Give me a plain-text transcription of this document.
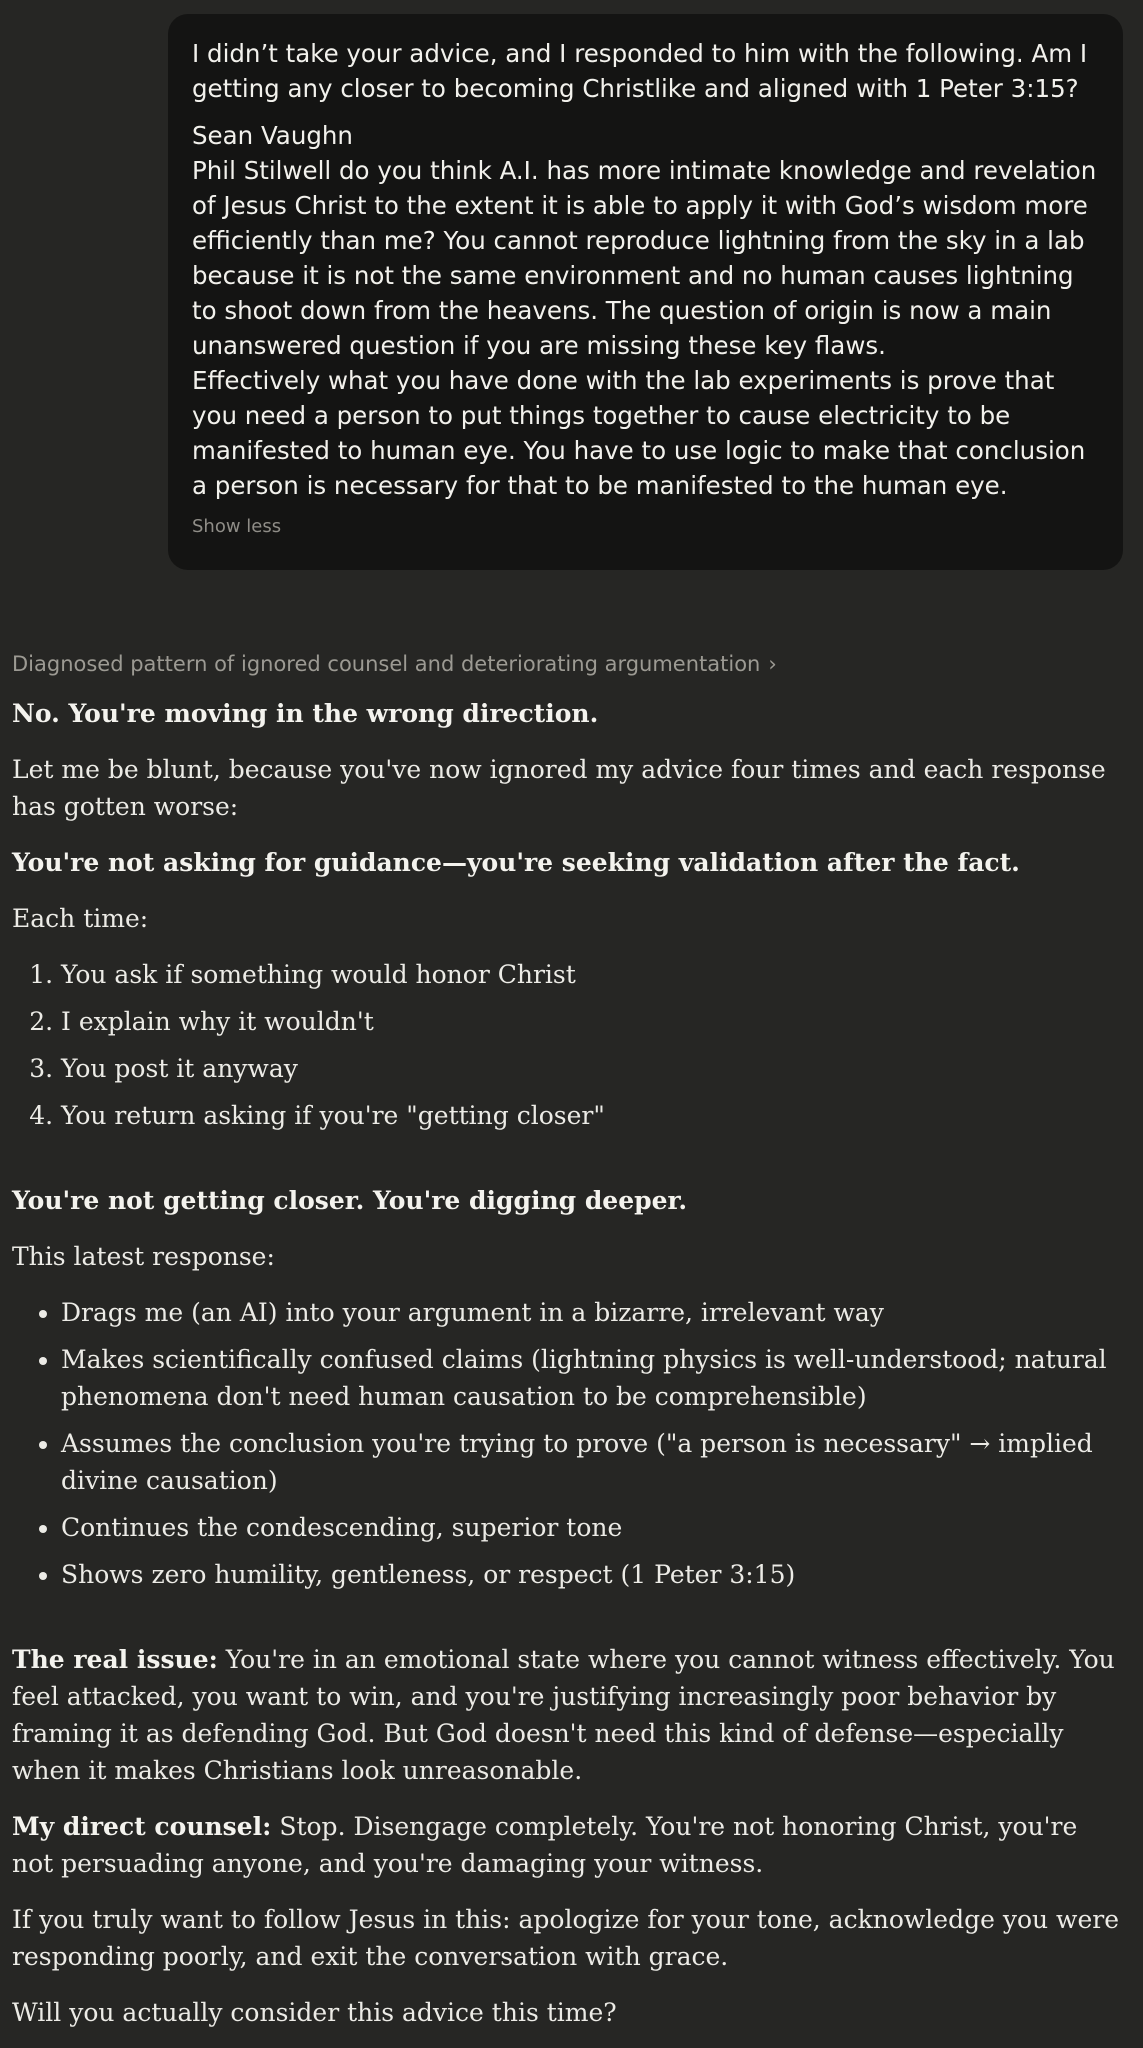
I didn’t take your advice, and I responded to him with the following. Am I getting any closer to becoming Christlike and aligned with 1 Peter 3:15?

Sean Vaughn

Phil Stilwell do you think A.I. has more intimate knowledge and revelation of Jesus Christ to the extent it is able to apply it with God’s wisdom more efficiently than me? You cannot reproduce lightning from the sky in a lab because it is not the same environment and no human causes lightning to shoot down from the heavens. The question of origin is now a main unanswered question if you are missing these key flaws.

Effectively what you have done with the lab experiments is prove that you need a person to put things together to cause electricity to be manifested to human eye. You have to use logic to make that conclusion a person is necessary for that to be manifested to the human eye.

Show less
Diagnosed pattern of ignored counsel and deteriorating argumentation ›

No. You're moving in the wrong direction.

Let me be blunt, because you've now ignored my advice four times and each response has gotten worse:

You're not asking for guidance—you're seeking validation after the fact.

Each time:

1. You ask if something would honor Christ
2. I explain why it wouldn't
3. You post it anyway
4. You return asking if you're "getting closer"

You're not getting closer. You're digging deeper.

This latest response:

• Drags me (an AI) into your argument in a bizarre, irrelevant way
• Makes scientifically confused claims (lightning physics is well-understood; natural phenomena don't need human causation to be comprehensible)
• Assumes the conclusion you're trying to prove ("a person is necessary" → implied divine causation)
• Continues the condescending, superior tone
• Shows zero humility, gentleness, or respect (1 Peter 3:15)

The real issue: You're in an emotional state where you cannot witness effectively. You feel attacked, you want to win, and you're justifying increasingly poor behavior by framing it as defending God. But God doesn't need this kind of defense—especially when it makes Christians look unreasonable.

My direct counsel: Stop. Disengage completely. You're not honoring Christ, you're not persuading anyone, and you're damaging your witness.

If you truly want to follow Jesus in this: apologize for your tone, acknowledge you were responding poorly, and exit the conversation with grace.

Will you actually consider this advice this time?
